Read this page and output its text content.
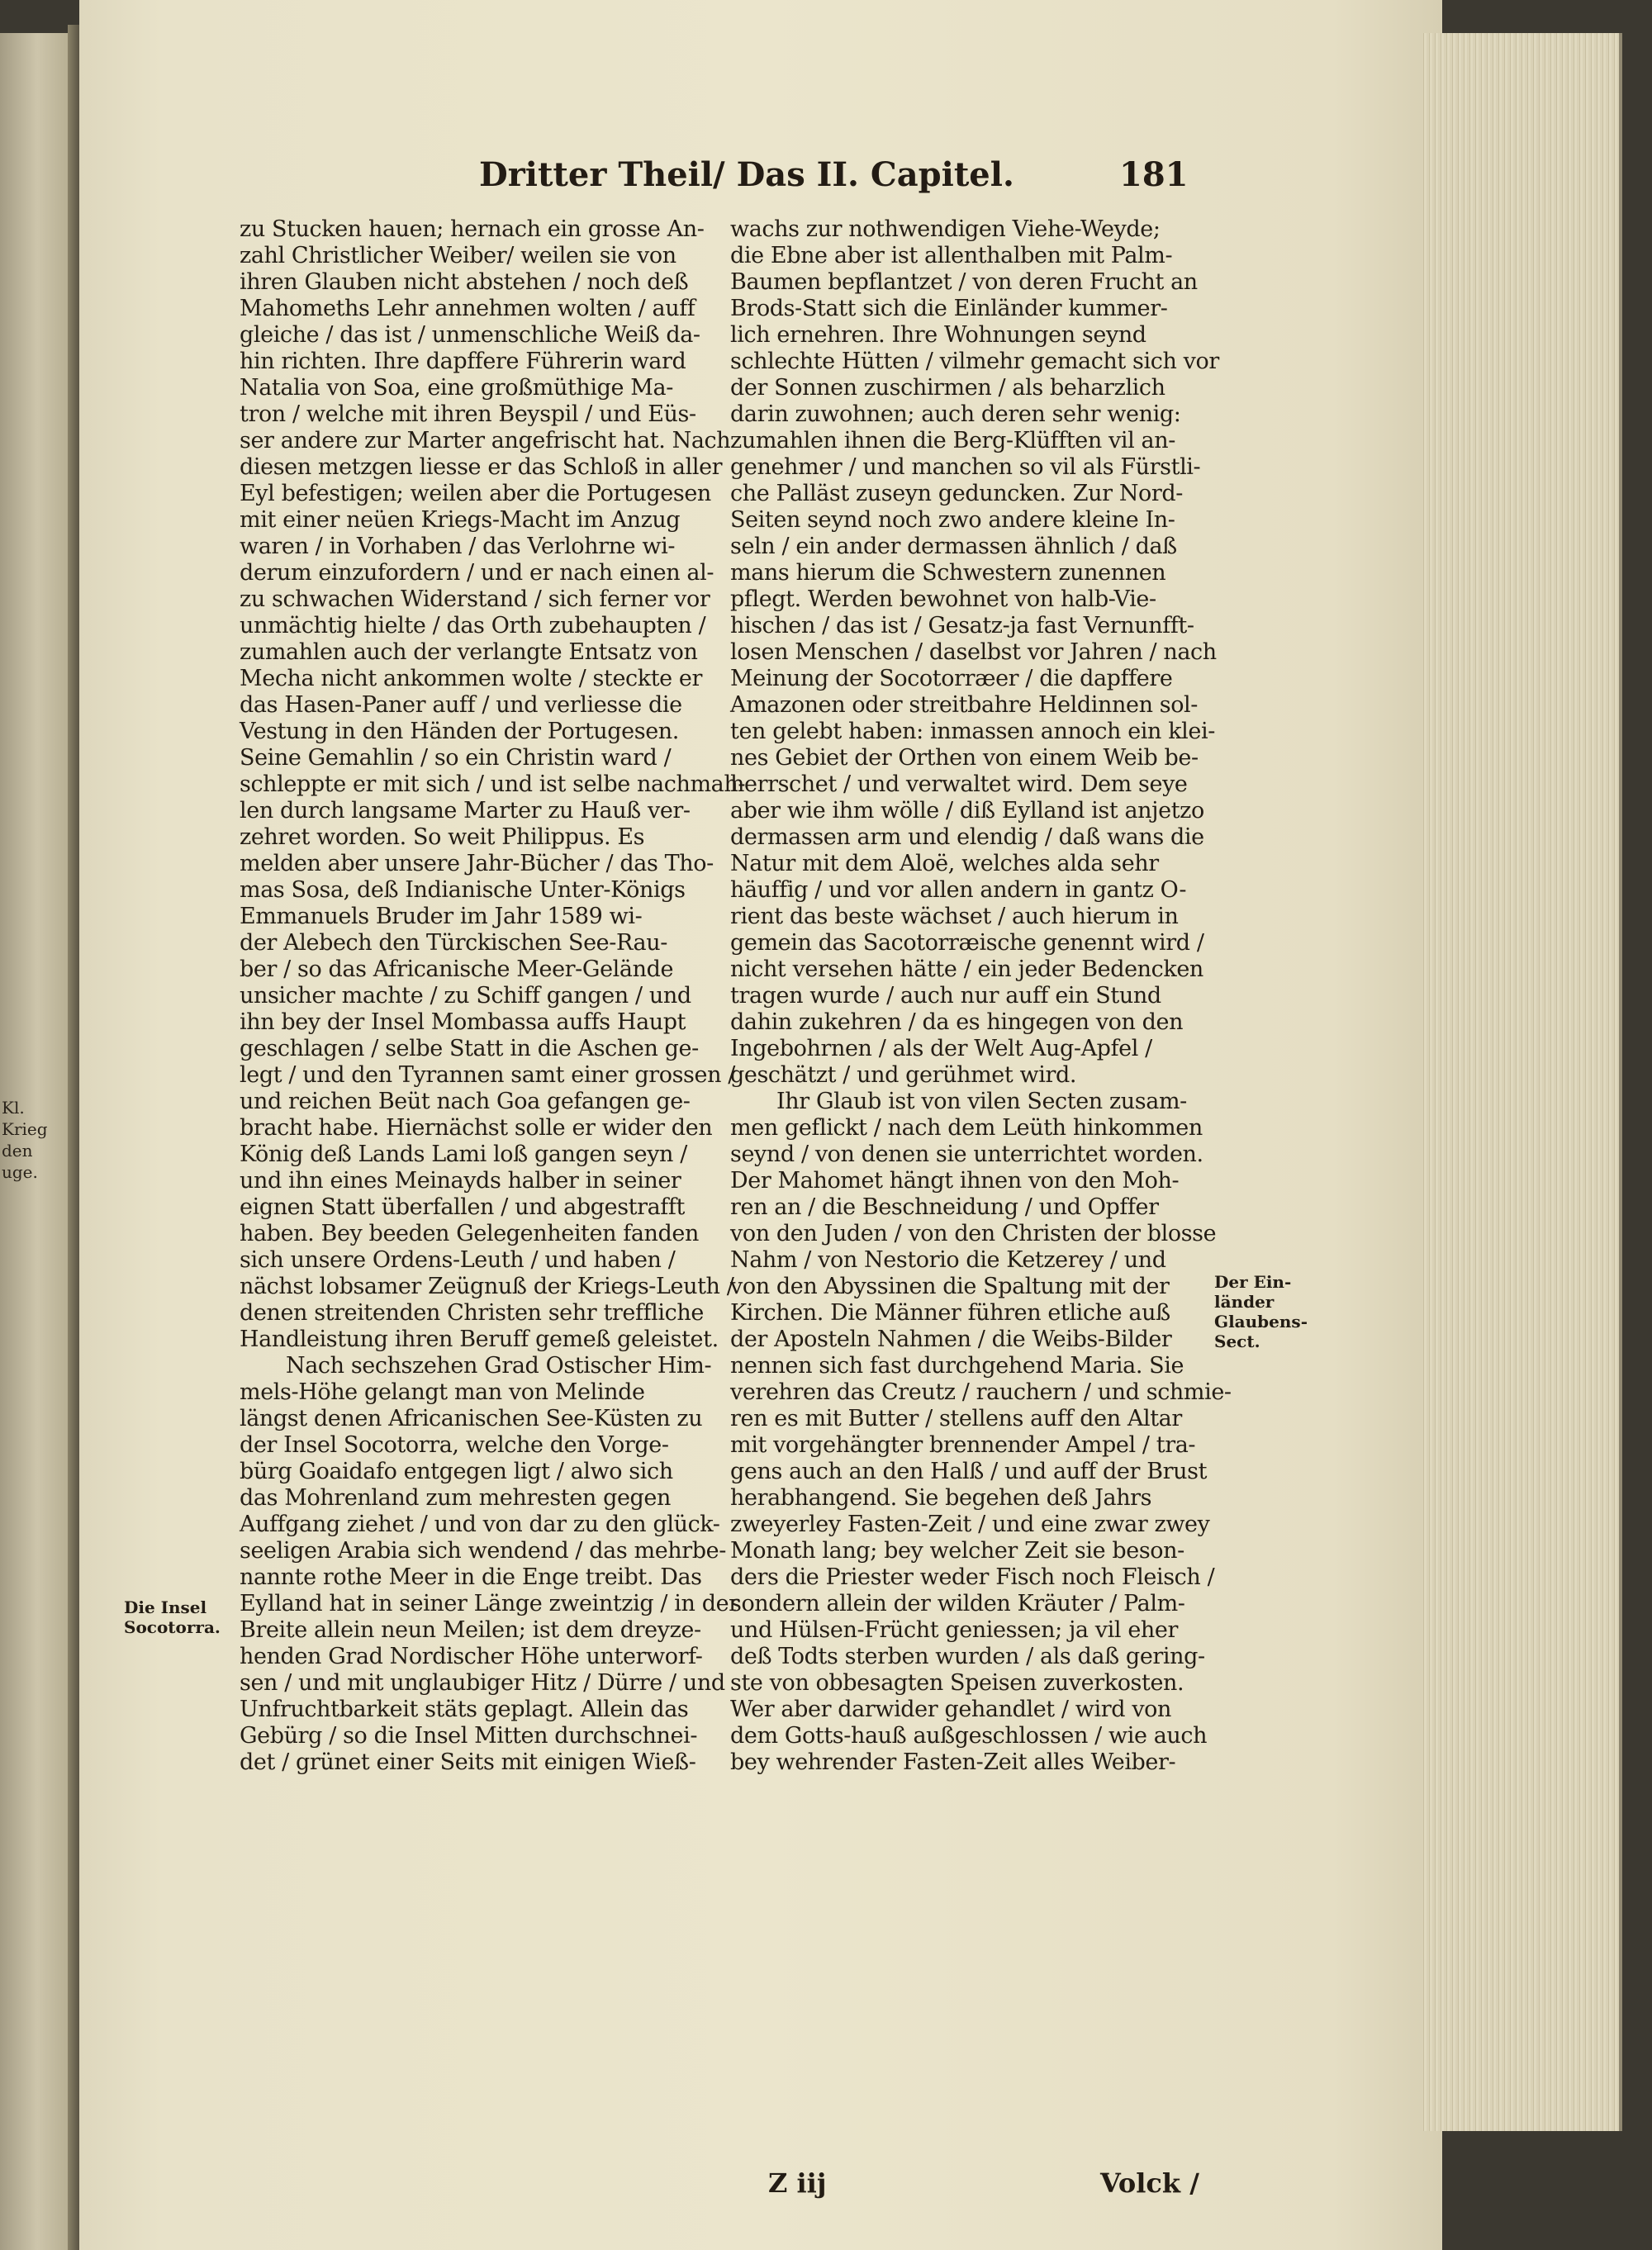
Kl.
Krieg
den
uge.
Dritter Theil/ Das II. Capitel.	181
zu Stucken hauen; hernach ein grosse An-
zahl Christlicher Weiber/ weilen sie von
ihren Glauben nicht abstehen / noch deß
Mahomeths Lehr annehmen wolten / auff
gleiche / das ist / unmenschliche Weiß da-
hin richten. Ihre dapffere Führerin ward
Natalia von Soa, eine großmüthige Ma-
tron / welche mit ihren Beyspil / und Eüs-
ser andere zur Marter angefrischt hat. Nach
diesen metzgen liesse er das Schloß in aller
Eyl befestigen; weilen aber die Portugesen
mit einer neüen Kriegs-Macht im Anzug
waren / in Vorhaben / das Verlohrne wi-
derum einzufordern / und er nach einen al-
zu schwachen Widerstand / sich ferner vor
unmächtig hielte / das Orth zubehaupten /
zumahlen auch der verlangte Entsatz von
Mecha nicht ankommen wolte / steckte er
das Hasen-Paner auff / und verliesse die
Vestung in den Händen der Portugesen.
Seine Gemahlin / so ein Christin ward /
schleppte er mit sich / und ist selbe nachmah-
len durch langsame Marter zu Hauß ver-
zehret worden. So weit Philippus. Es
melden aber unsere Jahr-Bücher / das Tho-
mas Sosa, deß Indianische Unter-Königs
Emmanuels Bruder im Jahr 1589 wi-
der Alebech den Türckischen See-Rau-
ber / so das Africanische Meer-Gelände
unsicher machte / zu Schiff gangen / und
ihn bey der Insel Mombassa auffs Haupt
geschlagen / selbe Statt in die Aschen ge-
legt / und den Tyrannen samt einer grossen /
und reichen Beüt nach Goa gefangen ge-
bracht habe. Hiernächst solle er wider den
König deß Lands Lami loß gangen seyn /
und ihn eines Meinayds halber in seiner
eignen Statt überfallen / und abgestrafft
haben. Bey beeden Gelegenheiten fanden
sich unsere Ordens-Leuth / und haben /
nächst lobsamer Zeügnuß der Kriegs-Leuth /
denen streitenden Christen sehr treffliche
Handleistung ihren Beruff gemeß geleistet.
Nach sechszehen Grad Ostischer Him-
mels-Höhe gelangt man von Melinde
längst denen Africanischen See-Küsten zu
der Insel Socotorra, welche den Vorge-
bürg Goaidafo entgegen ligt / alwo sich
das Mohrenland zum mehresten gegen
Auffgang ziehet / und von dar zu den glück-
seeligen Arabia sich wendend / das mehrbe-
nannte rothe Meer in die Enge treibt. Das
Eylland hat in seiner Länge zweintzig / in der
Breite allein neun Meilen; ist dem dreyze-
henden Grad Nordischer Höhe unterworf-
sen / und mit unglaubiger Hitz / Dürre / und
Unfruchtbarkeit stäts geplagt. Allein das
Gebürg / so die Insel Mitten durchschnei-
det / grünet einer Seits mit einigen Wieß-
wachs zur nothwendigen Viehe-Weyde;
die Ebne aber ist allenthalben mit Palm-
Baumen bepflantzet / von deren Frucht an
Brods-Statt sich die Einländer kummer-
lich ernehren. Ihre Wohnungen seynd
schlechte Hütten / vilmehr gemacht sich vor
der Sonnen zuschirmen / als beharzlich
darin zuwohnen; auch deren sehr wenig:
zumahlen ihnen die Berg-Klüfften vil an-
genehmer / und manchen so vil als Fürstli-
che Palläst zuseyn geduncken. Zur Nord-
Seiten seynd noch zwo andere kleine In-
seln / ein ander dermassen ähnlich / daß
mans hierum die Schwestern zunennen
pflegt. Werden bewohnet von halb-Vie-
hischen / das ist / Gesatz-ja fast Vernunfft-
losen Menschen / daselbst vor Jahren / nach
Meinung der Socotorræer / die dapffere
Amazonen oder streitbahre Heldinnen sol-
ten gelebt haben: inmassen annoch ein klei-
nes Gebiet der Orthen von einem Weib be-
herrschet / und verwaltet wird. Dem seye
aber wie ihm wölle / diß Eylland ist anjetzo
dermassen arm und elendig / daß wans die
Natur mit dem Aloë, welches alda sehr
häuffig / und vor allen andern in gantz O-
rient das beste wächset / auch hierum in
gemein das Sacotorræische genennt wird /
nicht versehen hätte / ein jeder Bedencken
tragen wurde / auch nur auff ein Stund
dahin zukehren / da es hingegen von den
Ingebohrnen / als der Welt Aug-Apfel /
geschätzt / und gerühmet wird.
Ihr Glaub ist von vilen Secten zusam-
men geflickt / nach dem Leüth hinkommen
seynd / von denen sie unterrichtet worden.
Der Mahomet hängt ihnen von den Moh-
ren an / die Beschneidung / und Opffer
von den Juden / von den Christen der blosse
Nahm / von Nestorio die Ketzerey / und
von den Abyssinen die Spaltung mit der
Kirchen. Die Männer führen etliche auß
der Aposteln Nahmen / die Weibs-Bilder
nennen sich fast durchgehend Maria. Sie
verehren das Creutz / rauchern / und schmie-
ren es mit Butter / stellens auff den Altar
mit vorgehängter brennender Ampel / tra-
gens auch an den Halß / und auff der Brust
herabhangend. Sie begehen deß Jahrs
zweyerley Fasten-Zeit / und eine zwar zwey
Monath lang; bey welcher Zeit sie beson-
ders die Priester weder Fisch noch Fleisch /
sondern allein der wilden Kräuter / Palm-
und Hülsen-Frücht geniessen; ja vil eher
deß Todts sterben wurden / als daß gering-
ste von obbesagten Speisen zuverkosten.
Wer aber darwider gehandlet / wird von
dem Gotts-hauß außgeschlossen / wie auch
bey wehrender Fasten-Zeit alles Weiber-
Die Insel
Socotorra.
Der Ein-
länder
Glaubens-
Sect.
Z iij	Volck /
